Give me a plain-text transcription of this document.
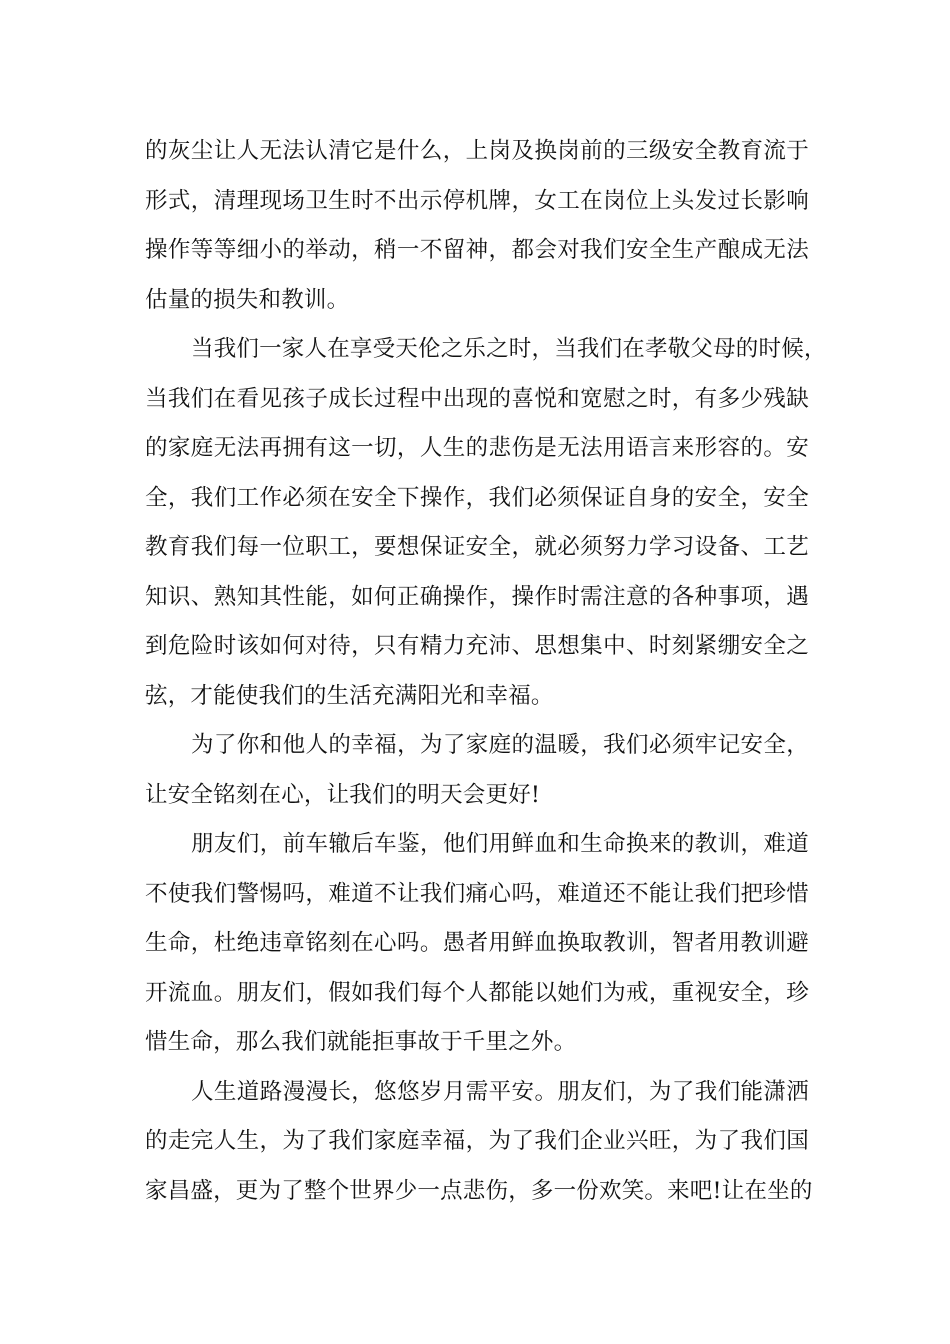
的灰尘让人无法认清它是什么，上岗及换岗前的三级安全教育流于
形式，清理现场卫生时不出示停机牌，女工在岗位上头发过长影响
操作等等细小的举动，稍一不留神，都会对我们安全生产酿成无法
估量的损失和教训。
当我们一家人在享受天伦之乐之时，当我们在孝敬父母的时候，
当我们在看见孩子成长过程中出现的喜悦和宽慰之时，有多少残缺
的家庭无法再拥有这一切，人生的悲伤是无法用语言来形容的。安
全，我们工作必须在安全下操作，我们必须保证自身的安全，安全
教育我们每一位职工，要想保证安全，就必须努力学习设备、工艺
知识、熟知其性能，如何正确操作，操作时需注意的各种事项，遇
到危险时该如何对待，只有精力充沛、思想集中、时刻紧绷安全之
弦，才能使我们的生活充满阳光和幸福。
为了你和他人的幸福，为了家庭的温暖，我们必须牢记安全，
让安全铭刻在心，让我们的明天会更好!
朋友们，前车辙后车鉴，他们用鲜血和生命换来的教训，难道
不使我们警惕吗，难道不让我们痛心吗，难道还不能让我们把珍惜
生命，杜绝违章铭刻在心吗。愚者用鲜血换取教训，智者用教训避
开流血。朋友们，假如我们每个人都能以她们为戒，重视安全，珍
惜生命，那么我们就能拒事故于千里之外。
人生道路漫漫长，悠悠岁月需平安。朋友们，为了我们能潇洒
的走完人生，为了我们家庭幸福，为了我们企业兴旺，为了我们国
家昌盛，更为了整个世界少一点悲伤，多一份欢笑。来吧!让在坐的
